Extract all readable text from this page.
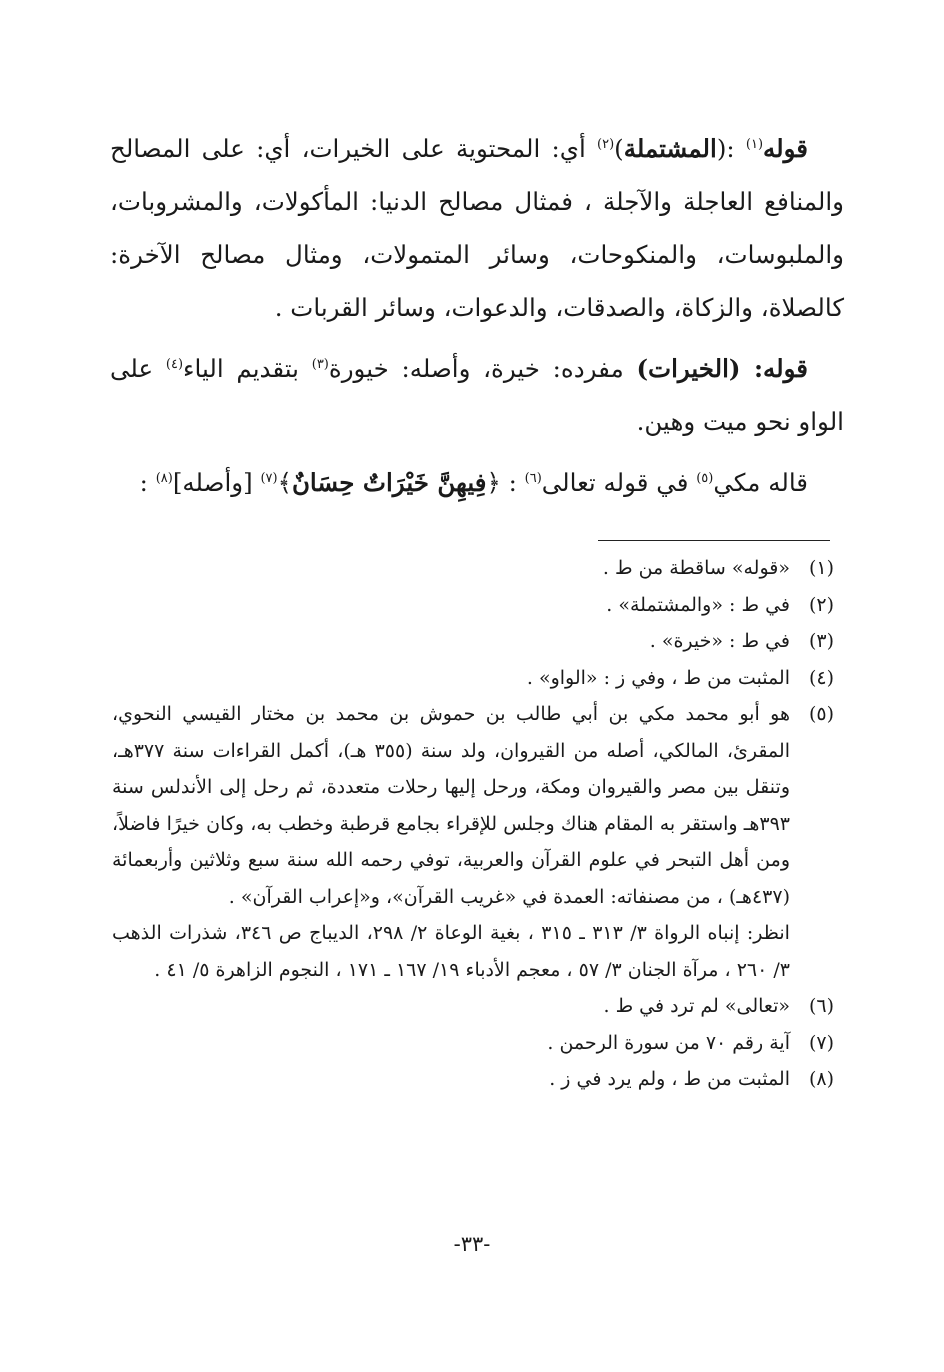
قوله$^{(١)}$ :(المشتملة)$^{(٢)}$ أي: المحتوية على الخيرات، أي: على المصالح والمنافع العاجلة والآجلة ، فمثال مصالح الدنيا: المأكولات، والمشروبات، والملبوسات، والمنكوحات، وسائر المتمولات، ومثال مصالح الآخرة: كالصلاة، والزكاة، والصدقات، والدعوات، وسائر القربات .

قوله: (الخيرات) مفرده: خيرة، وأصله: خيورة$^{(٣)}$ بتقديم الياء$^{(٤)}$ على الواو نحو ميت وهين.

قاله مكي$^{(٥)}$ في قوله تعالى$^{(٦)}$ : ﴿فِيهِنَّ خَيْرَاتٌ حِسَانٌ﴾$^{(٧)}$ [وأصله]$^{(٨)}$ :

(١)
«قوله» ساقطة من ط .
(٢)
في ط : «والمشتملة» .
(٣)
في ط : «خيرة» .
(٤)
المثبت من ط ، وفي ز : «الواو» .
(٥)
هو أبو محمد مكي بن أبي طالب بن حموش بن محمد بن مختار القيسي النحوي، المقرئ، المالكي، أصله من القيروان، ولد سنة (٣٥٥ هـ)، أكمل القراءات سنة ٣٧٧هـ، وتنقل بين مصر والقيروان ومكة، ورحل إليها رحلات متعددة، ثم رحل إلى الأندلس سنة ٣٩٣هـ واستقر به المقام هناك وجلس للإقراء بجامع قرطبة وخطب به، وكان خيرًا فاضلاً، ومن أهل التبحر في علوم القرآن والعربية، توفي رحمه الله سنة سبع وثلاثين وأربعمائة (٤٣٧هـ) ، من مصنفاته: العمدة في «غريب القرآن»، و«إعراب القرآن» .
انظر: إنباه الرواة ٣/ ٣١٣ ـ ٣١٥ ، بغية الوعاة ٢/ ٢٩٨، الديباج ص ٣٤٦، شذرات الذهب ٣/ ٢٦٠ ، مرآة الجنان ٣/ ٥٧ ، معجم الأدباء ١٩/ ١٦٧ ـ ١٧١ ، النجوم الزاهرة ٥/ ٤١ .
(٦)
«تعالى» لم ترد في ط .
(٧)
آية رقم ٧٠ من سورة الرحمن .
(٨)
المثبت من ط ، ولم يرد في ز .
-٣٣-
